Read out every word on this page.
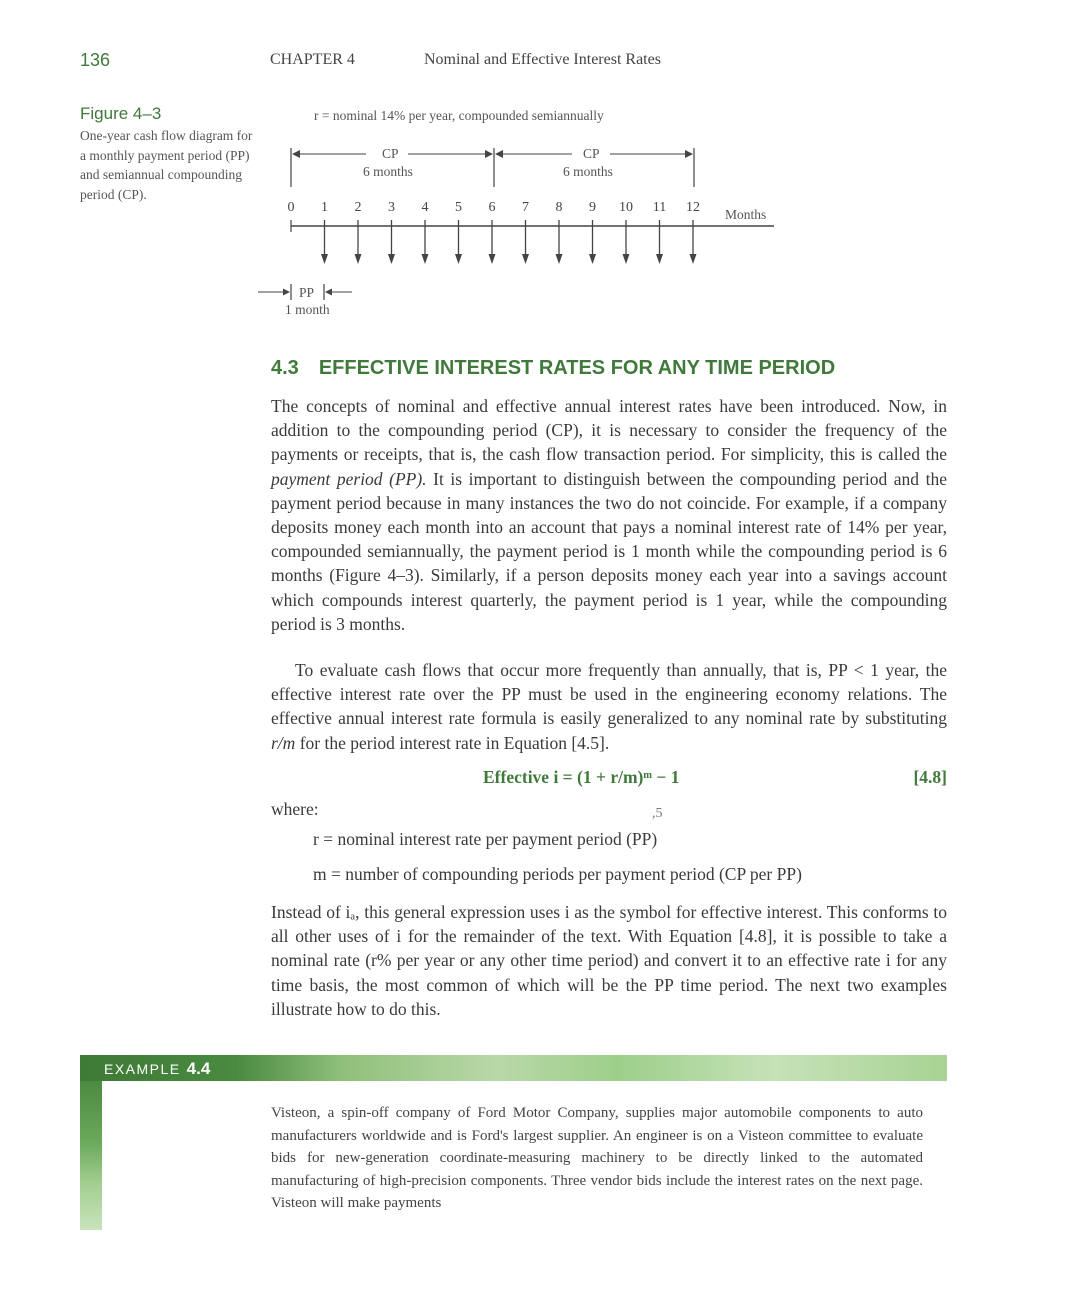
136	CHAPTER 4	Nominal and Effective Interest Rates
Figure 4–3
One-year cash flow diagram for a monthly payment period (PP) and semiannual compounding period (CP).
r = nominal 14% per year, compounded semiannually
CP
6 months
CP
6 months
0	1	2	3	4	5	6	7	8	9	10	11	12	Months
PP
1 month
4.3 EFFECTIVE INTEREST RATES FOR ANY TIME PERIOD
The concepts of nominal and effective annual interest rates have been introduced. Now, in addition to the compounding period (CP), it is necessary to consider the frequency of the payments or receipts, that is, the cash flow transaction period. For simplicity, this is called the payment period (PP). It is important to distinguish between the compounding period and the payment period because in many instances the two do not coincide. For example, if a company deposits money each month into an account that pays a nominal interest rate of 14% per year, compounded semiannually, the payment period is 1 month while the compounding period is 6 months (Figure 4–3). Similarly, if a person deposits money each year into a savings account which compounds interest quarterly, the payment period is 1 year, while the compounding period is 3 months.
To evaluate cash flows that occur more frequently than annually, that is, PP < 1 year, the effective interest rate over the PP must be used in the engineering economy relations. The effective annual interest rate formula is easily generalized to any nominal rate by substituting r/m for the period interest rate in Equation [4.5].
Effective i = (1 + r/m)ᵐ − 1	[4.8]
where:	,5
r = nominal interest rate per payment period (PP)
m = number of compounding periods per payment period (CP per PP)
Instead of iₐ, this general expression uses i as the symbol for effective interest. This conforms to all other uses of i for the remainder of the text. With Equation [4.8], it is possible to take a nominal rate (r% per year or any other time period) and convert it to an effective rate i for any time basis, the most common of which will be the PP time period. The next two examples illustrate how to do this.
EXAMPLE 4.4
Visteon, a spin-off company of Ford Motor Company, supplies major automobile components to auto manufacturers worldwide and is Ford's largest supplier. An engineer is on a Visteon committee to evaluate bids for new-generation coordinate-measuring machinery to be directly linked to the automated manufacturing of high-precision components. Three vendor bids include the interest rates on the next page. Visteon will make payments
